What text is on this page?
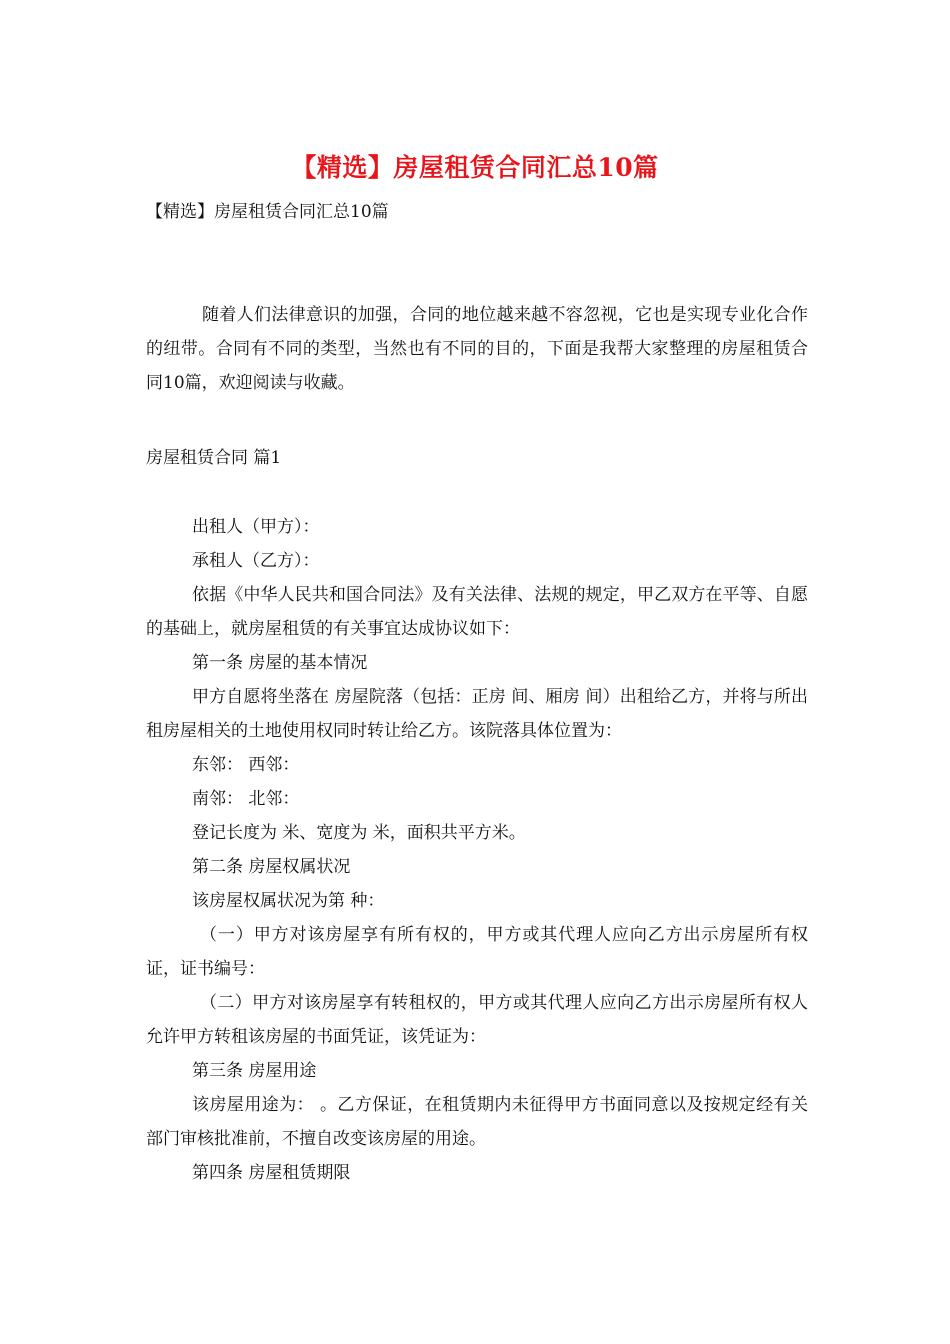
【精选】房屋租赁合同汇总10篇
【精选】房屋租赁合同汇总10篇

随着人们法律意识的加强，合同的地位越来越不容忽视，它也是实现专业化合作的纽带。合同有不同的类型，当然也有不同的目的，下面是我帮大家整理的房屋租赁合同10篇，欢迎阅读与收藏。

房屋租赁合同 篇1

出租人（甲方）：

承租人（乙方）：

依据《中华人民共和国合同法》及有关法律、法规的规定，甲乙双方在平等、自愿的基础上，就房屋租赁的有关事宜达成协议如下：

第一条 房屋的基本情况

甲方自愿将坐落在 房屋院落（包括：正房 间、厢房 间）出租给乙方，并将与所出租房屋相关的土地使用权同时转让给乙方。该院落具体位置为：

东邻： 西邻：

南邻： 北邻：

登记长度为 米、宽度为 米，面积共平方米。

第二条 房屋权属状况

该房屋权属状况为第 种：

（一）甲方对该房屋享有所有权的，甲方或其代理人应向乙方出示房屋所有权证，证书编号：

（二）甲方对该房屋享有转租权的，甲方或其代理人应向乙方出示房屋所有权人允许甲方转租该房屋的书面凭证，该凭证为：

第三条 房屋用途

该房屋用途为： 。乙方保证，在租赁期内未征得甲方书面同意以及按规定经有关部门审核批准前，不擅自改变该房屋的用途。

第四条 房屋租赁期限
